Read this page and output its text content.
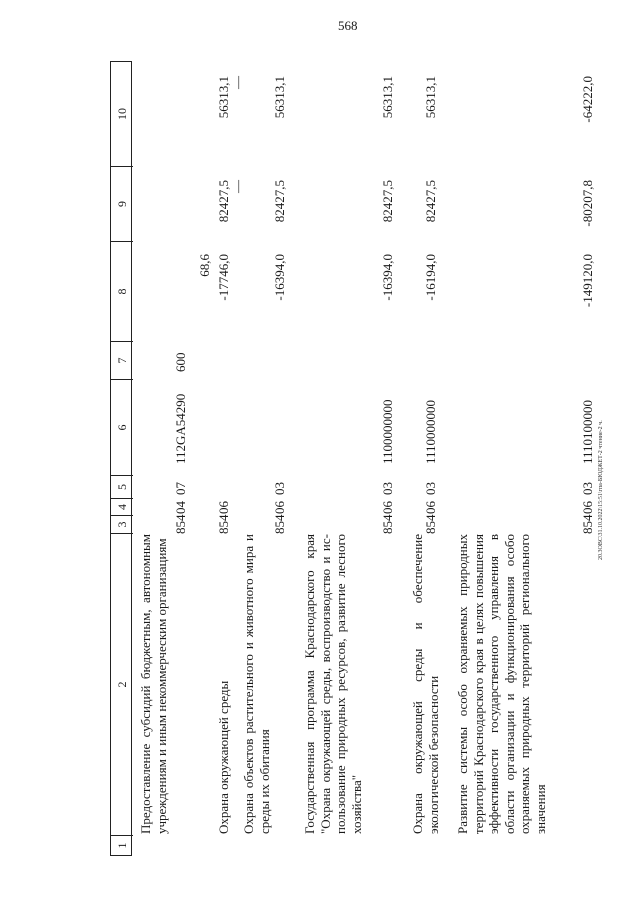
568
1
2
3
4
5
6
7
8
9
10
Предоставление субсидий бюджетным, автономным учреждениям и иным некоммерческим организациям
854
04
07
112GA54290
600
68,6
—
—
Охрана окружающей среды
854
06
-17746,0
82427,5
56313,1
Охрана объектов растительного и животного мира и среды их обитания
854
06
03
-16394,0
82427,5
56313,1
Государственная программа Краснодарского края "Охрана окружающей среды, воспроизводство и использование природных ресурсов, развитие лесного хозяйства"
854
06
03
1100000000
-16394,0
82427,5
56313,1
Охрана окружающей среды и обеспечение экологической безопасности
854
06
03
1110000000
-16194,0
82427,5
56313,1
Развитие системы особо охраняемых природных территорий Краснодарского края в целях повышения эффективности государственного управления в области организации и функционирования особо охраняемых природных территорий регионального значения
854
06
03
1110100000
-149120,0
-80207,8
-64222,0
20.3ОВС\31.10.2022\15:51\гпа-БЮДЖЕТ-2 чтение-2 ч.
